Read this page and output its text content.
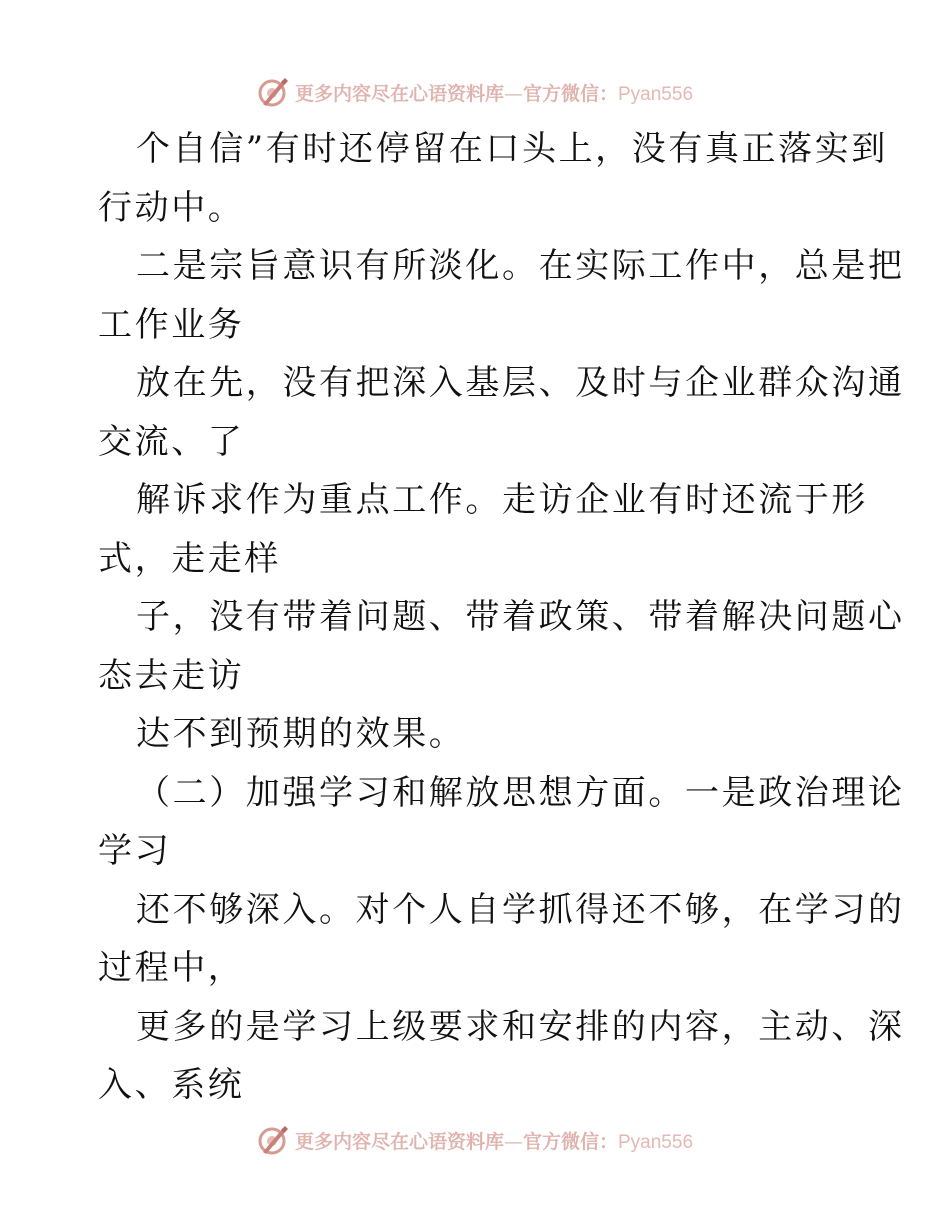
更多内容尽在心语资料库—官方微信：Pyan556
个自信”有时还停留在口头上，没有真正落实到
行动中。
二是宗旨意识有所淡化。在实际工作中，总是把
工作业务
放在先，没有把深入基层、及时与企业群众沟通
交流、了
解诉求作为重点工作。走访企业有时还流于形
式，走走样
子，没有带着问题、带着政策、带着解决问题心
态去走访
达不到预期的效果。
（二）加强学习和解放思想方面。一是政治理论
学习
还不够深入。对个人自学抓得还不够，在学习的
过程中，
更多的是学习上级要求和安排的内容，主动、深
入、系统
更多内容尽在心语资料库—官方微信：Pyan556
